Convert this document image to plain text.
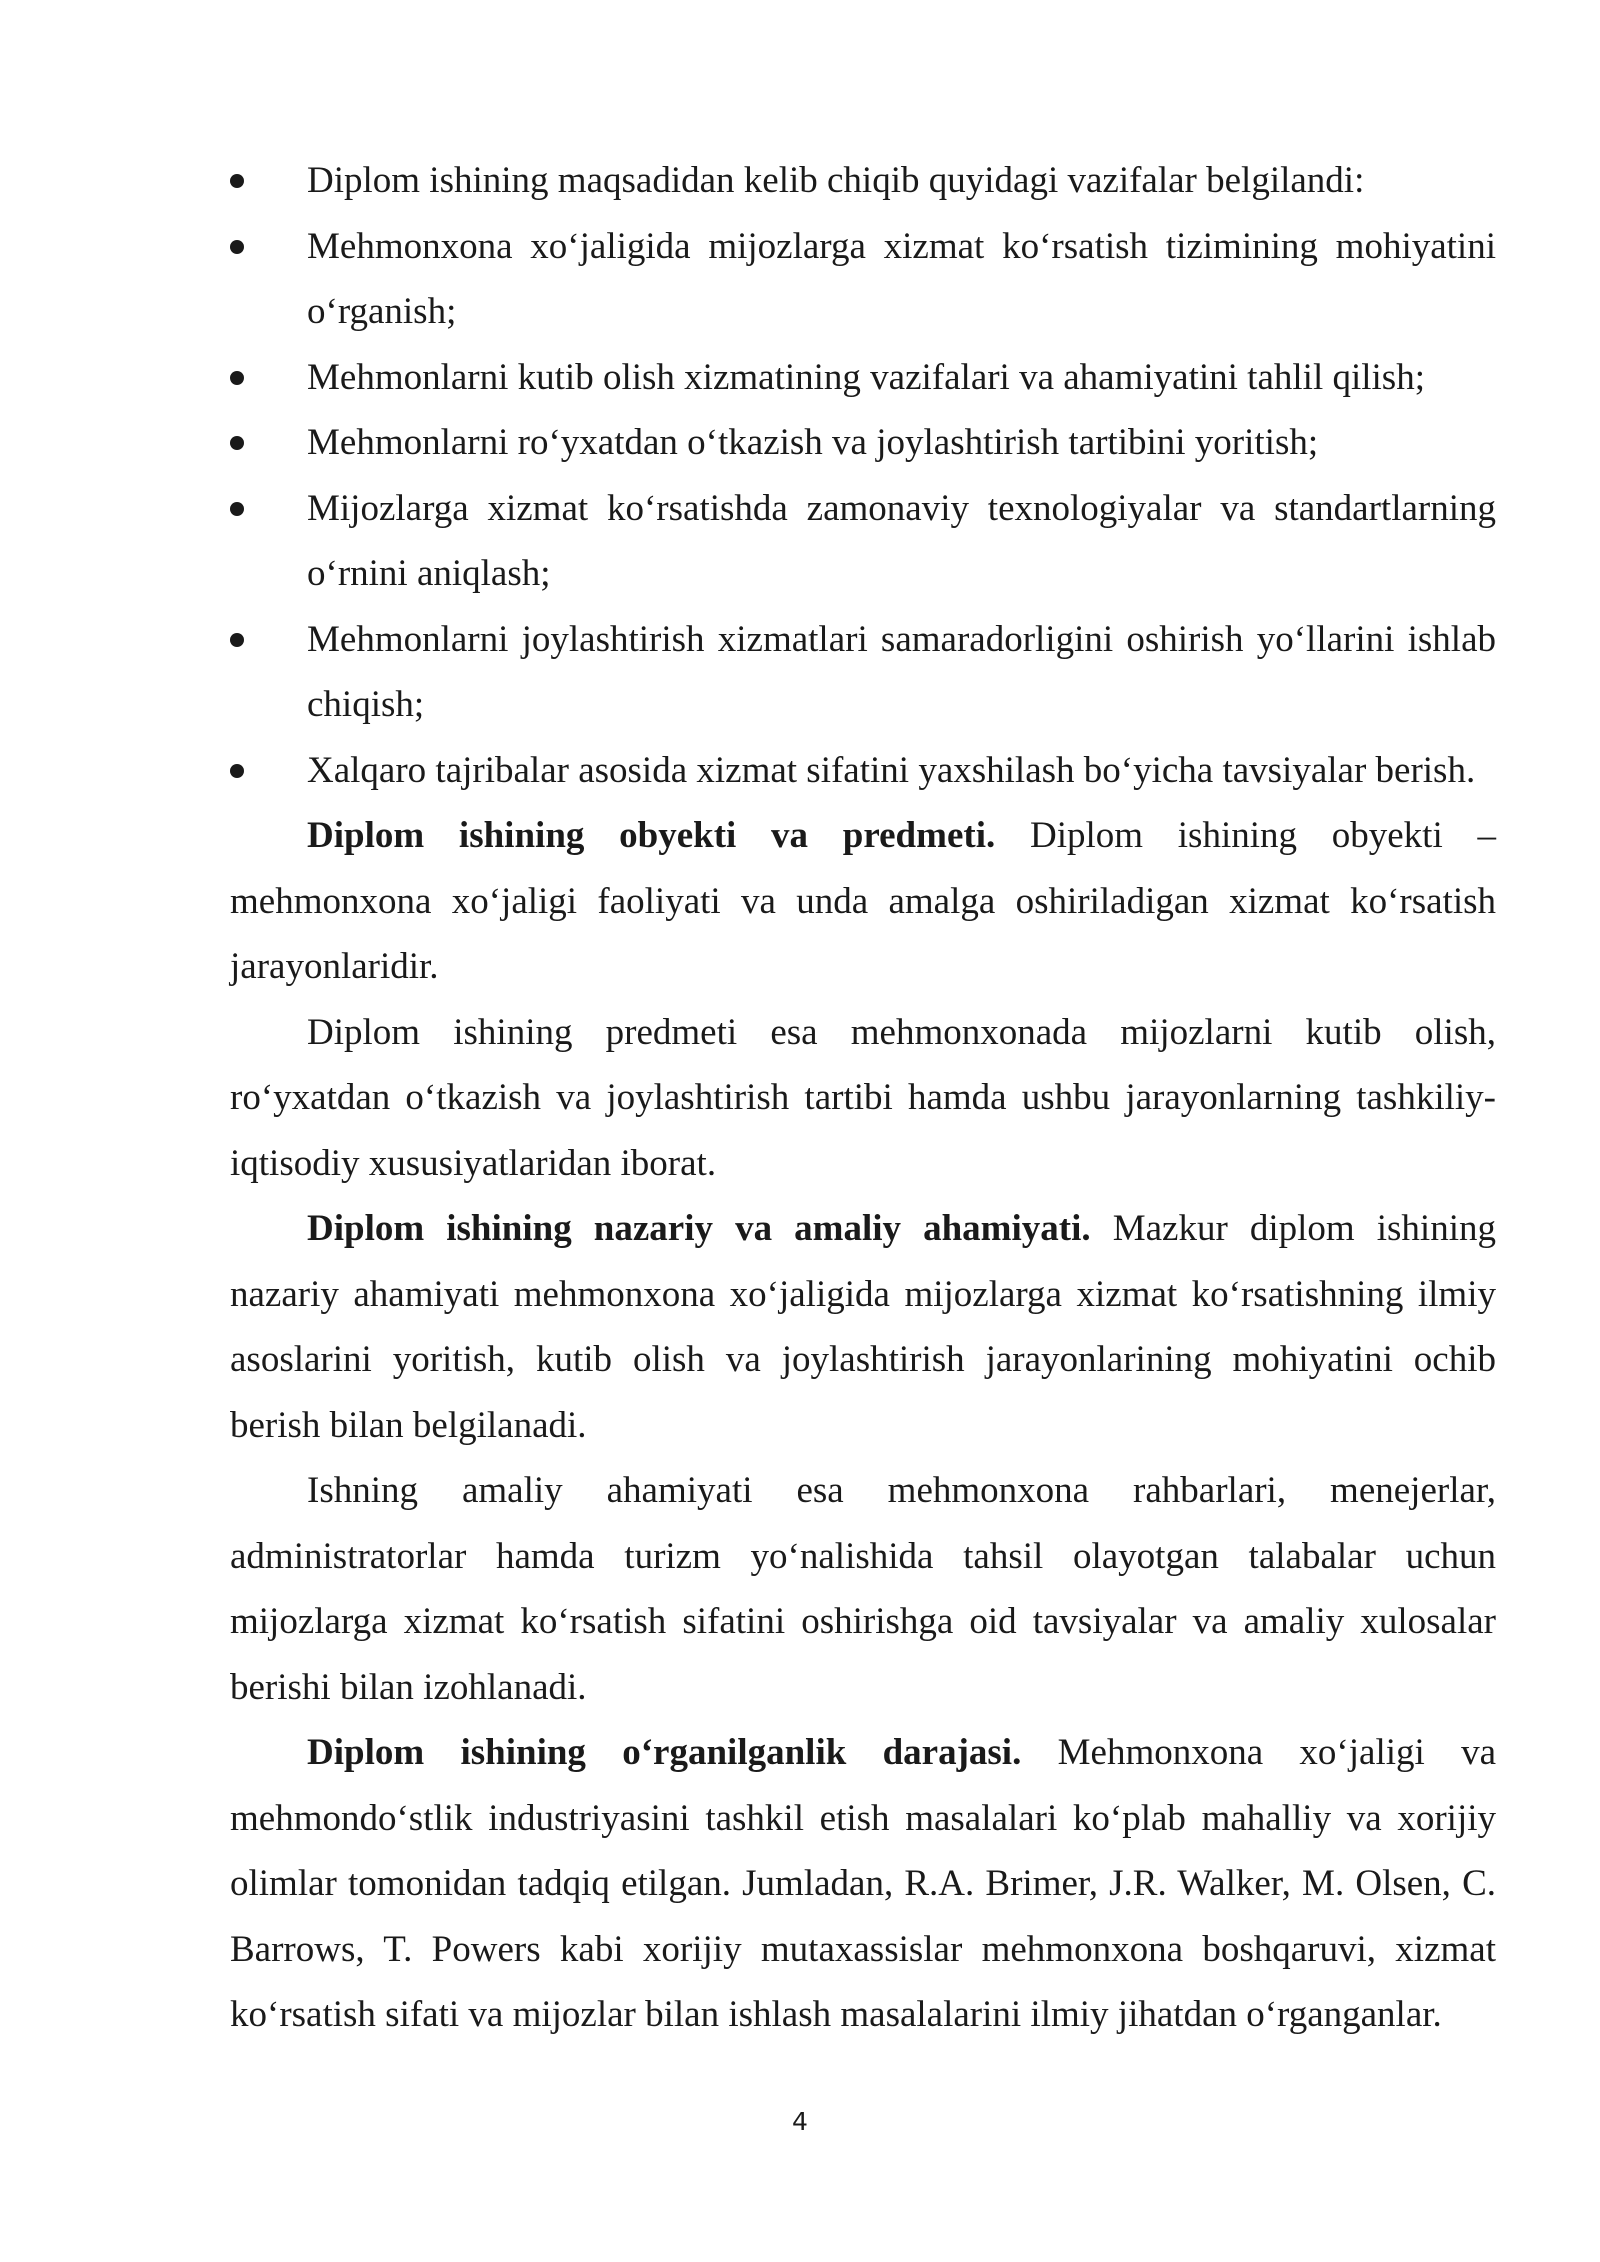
Diplom ishining maqsadidan kelib chiqib quyidagi vazifalar belgilandi:
Mehmonxona xo‘jaligida mijozlarga xizmat ko‘rsatish tizimining mohiyatini o‘rganish;
Mehmonlarni kutib olish xizmatining vazifalari va ahamiyatini tahlil qilish;
Mehmonlarni ro‘yxatdan o‘tkazish va joylashtirish tartibini yoritish;
Mijozlarga xizmat ko‘rsatishda zamonaviy texnologiyalar va standartlarning o‘rnini aniqlash;
Mehmonlarni joylashtirish xizmatlari samaradorligini oshirish yo‘llarini ishlab chiqish;
Xalqaro tajribalar asosida xizmat sifatini yaxshilash bo‘yicha tavsiyalar berish.

Diplom ishining obyekti va predmeti. Diplom ishining obyekti – mehmonxona xo‘jaligi faoliyati va unda amalga oshiriladigan xizmat ko‘rsatish jarayonlaridir.

Diplom ishining predmeti esa mehmonxonada mijozlarni kutib olish, ro‘yxatdan o‘tkazish va joylashtirish tartibi hamda ushbu jarayonlarning tashkiliy-iqtisodiy xususiyatlaridan iborat.

Diplom ishining nazariy va amaliy ahamiyati. Mazkur diplom ishining nazariy ahamiyati mehmonxona xo‘jaligida mijozlarga xizmat ko‘rsatishning ilmiy asoslarini yoritish, kutib olish va joylashtirish jarayonlarining mohiyatini ochib berish bilan belgilanadi.

Ishning amaliy ahamiyati esa mehmonxona rahbarlari, menejerlar, administratorlar hamda turizm yo‘nalishida tahsil olayotgan talabalar uchun mijozlarga xizmat ko‘rsatish sifatini oshirishga oid tavsiyalar va amaliy xulosalar berishi bilan izohlanadi.

Diplom ishining o‘rganilganlik darajasi. Mehmonxona xo‘jaligi va mehmondo‘stlik industriyasini tashkil etish masalalari ko‘plab mahalliy va xorijiy olimlar tomonidan tadqiq etilgan. Jumladan, R.A. Brimer, J.R. Walker, M. Olsen, C. Barrows, T. Powers kabi xorijiy mutaxassislar mehmonxona boshqaruvi, xizmat ko‘rsatish sifati va mijozlar bilan ishlash masalalarini ilmiy jihatdan o‘rganganlar.

4
